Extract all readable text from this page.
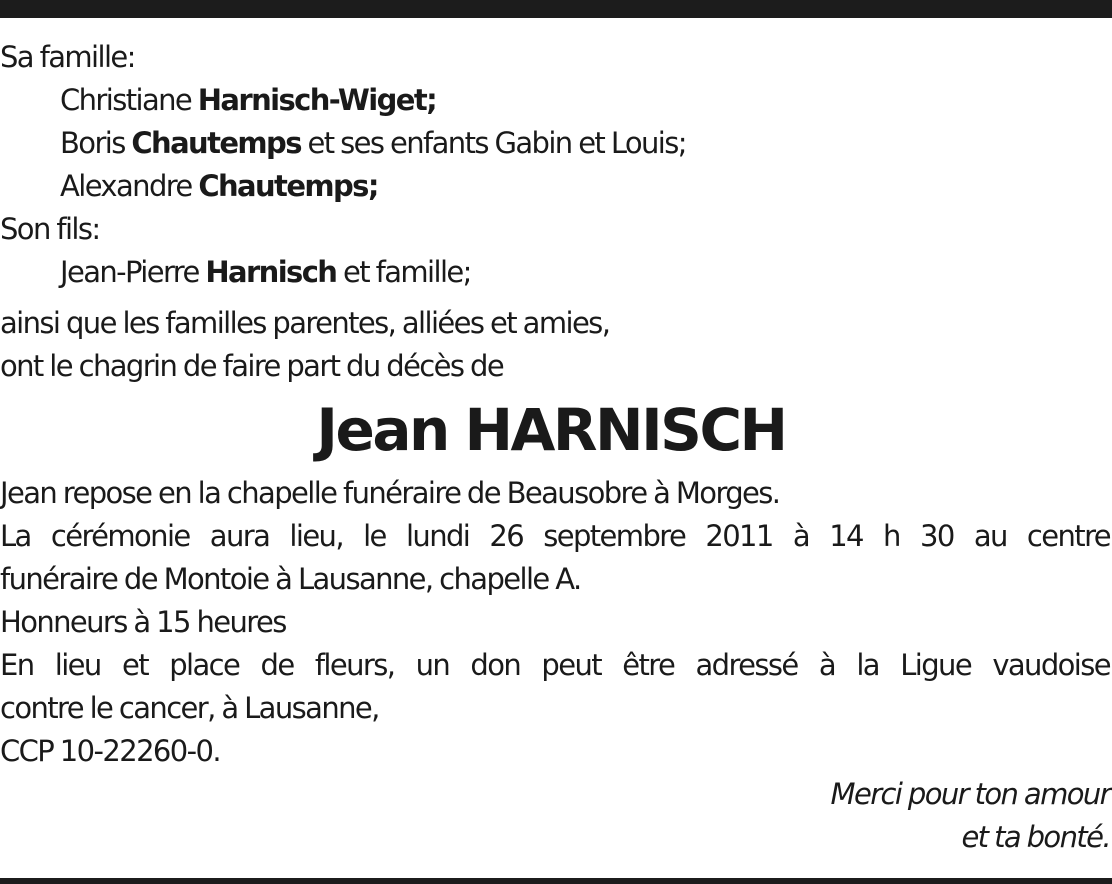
Sa famille:
Christiane Harnisch-Wiget;
Boris Chautemps et ses enfants Gabin et Louis;
Alexandre Chautemps;
Son fils:
Jean-Pierre Harnisch et famille;
ainsi que les familles parentes, alliées et amies,
ont le chagrin de faire part du décès de
Jean HARNISCH
Jean repose en la chapelle funéraire de Beausobre à Morges.
La cérémonie aura lieu, le lundi 26 septembre 2011 à 14 h 30 au centre
funéraire de Montoie à Lausanne, chapelle A.
Honneurs à 15 heures
En lieu et place de fleurs, un don peut être adressé à la Ligue vaudoise
contre le cancer, à Lausanne,
CCP 10-22260-0.
Merci pour ton amour
et ta bonté.
